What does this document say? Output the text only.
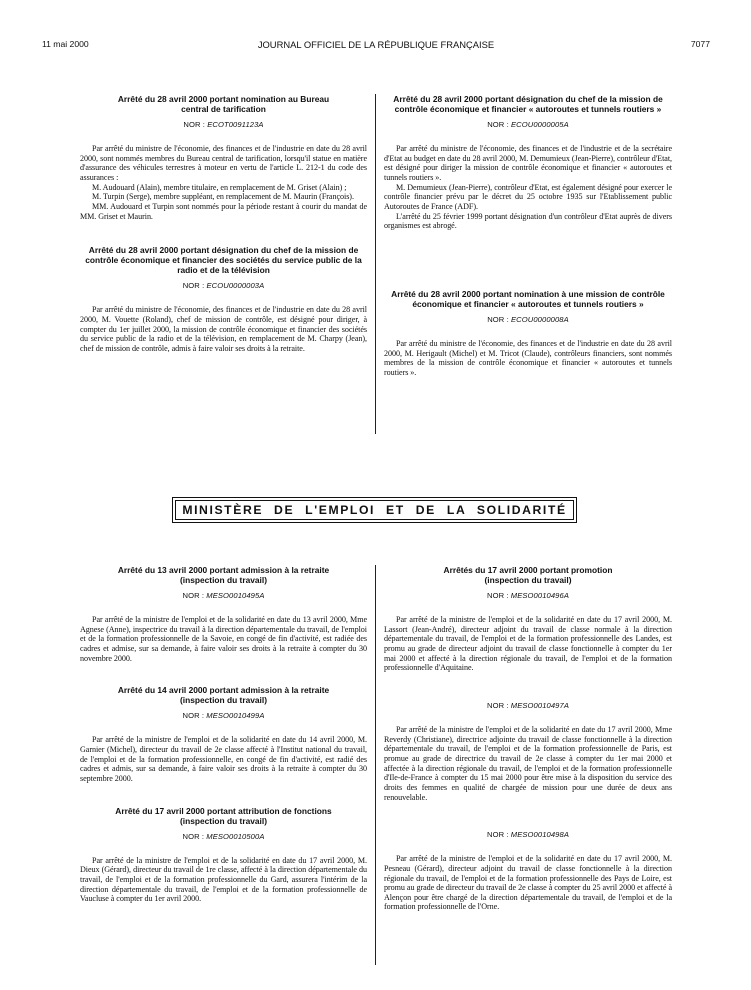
11 mai 2000	JOURNAL OFFICIEL DE LA RÉPUBLIQUE FRANÇAISE	7077

Arrêté du 28 avril 2000 portant nomination au Bureau central de tarification

NOR : ECOT0091123A

Par arrêté du ministre de l'économie, des finances et de l'industrie en date du 28 avril 2000, sont nommés membres du Bureau central de tarification, lorsqu'il statue en matière d'assurance des véhicules terrestres à moteur en vertu de l'article L. 212-1 du code des assurances :

M. Audouard (Alain), membre titulaire, en remplacement de M. Griset (Alain) ;

M. Turpin (Serge), membre suppléant, en remplacement de M. Maurin (François).

MM. Audouard et Turpin sont nommés pour la période restant à courir du mandat de MM. Griset et Maurin.

Arrêté du 28 avril 2000 portant désignation du chef de la mission de contrôle économique et financier des sociétés du service public de la radio et de la télévision

NOR : ECOU0000003A

Par arrêté du ministre de l'économie, des finances et de l'industrie en date du 28 avril 2000, M. Vouette (Roland), chef de mission de contrôle, est désigné pour diriger, à compter du 1er juillet 2000, la mission de contrôle économique et financier des sociétés du service public de la radio et de la télévision, en remplacement de M. Charpy (Jean), chef de mission de contrôle, admis à faire valoir ses droits à la retraite.

Arrêté du 28 avril 2000 portant désignation du chef de la mission de contrôle économique et financier « autoroutes et tunnels routiers »

NOR : ECOU0000005A

Par arrêté du ministre de l'économie, des finances et de l'industrie et de la secrétaire d'Etat au budget en date du 28 avril 2000, M. Demumieux (Jean-Pierre), contrôleur d'Etat, est désigné pour diriger la mission de contrôle économique et financier « autoroutes et tunnels routiers ».

M. Demumieux (Jean-Pierre), contrôleur d'Etat, est également désigné pour exercer le contrôle financier prévu par le décret du 25 octobre 1935 sur l'Etablissement public Autoroutes de France (ADF).

L'arrêté du 25 février 1999 portant désignation d'un contrôleur d'Etat auprès de divers organismes est abrogé.

Arrêté du 28 avril 2000 portant nomination à une mission de contrôle économique et financier « autoroutes et tunnels routiers »

NOR : ECOU0000008A

Par arrêté du ministre de l'économie, des finances et de l'industrie en date du 28 avril 2000, M. Herigault (Michel) et M. Tricot (Claude), contrôleurs financiers, sont nommés membres de la mission de contrôle économique et financier « autoroutes et tunnels routiers ».

MINISTÈRE DE L'EMPLOI ET DE LA SOLIDARITÉ

Arrêté du 13 avril 2000 portant admission à la retraite (inspection du travail)

NOR : MESO0010495A

Par arrêté de la ministre de l'emploi et de la solidarité en date du 13 avril 2000, Mme Agnese (Anne), inspectrice du travail à la direction départementale du travail, de l'emploi et de la formation professionnelle de la Savoie, en congé de fin d'activité, est radiée des cadres et admise, sur sa demande, à faire valoir ses droits à la retraite à compter du 30 novembre 2000.

Arrêté du 14 avril 2000 portant admission à la retraite (inspection du travail)

NOR : MESO0010499A

Par arrêté de la ministre de l'emploi et de la solidarité en date du 14 avril 2000, M. Garnier (Michel), directeur du travail de 2e classe affecté à l'Institut national du travail, de l'emploi et de la formation professionnelle, en congé de fin d'activité, est radié des cadres et admis, sur sa demande, à faire valoir ses droits à la retraite à compter du 30 septembre 2000.

Arrêté du 17 avril 2000 portant attribution de fonctions (inspection du travail)

NOR : MESO0010500A

Par arrêté de la ministre de l'emploi et de la solidarité en date du 17 avril 2000, M. Dieux (Gérard), directeur du travail de 1re classe, affecté à la direction départementale du travail, de l'emploi et de la formation professionnelle du Gard, assurera l'intérim de la direction départementale du travail, de l'emploi et de la formation professionnelle de Vaucluse à compter du 1er avril 2000.

Arrêtés du 17 avril 2000 portant promotion (inspection du travail)

NOR : MESO0010496A

Par arrêté de la ministre de l'emploi et de la solidarité en date du 17 avril 2000, M. Lassort (Jean-André), directeur adjoint du travail de classe normale à la direction départementale du travail, de l'emploi et de la formation professionnelle des Landes, est promu au grade de directeur adjoint du travail de classe fonctionnelle à compter du 1er mai 2000 et affecté à la direction régionale du travail, de l'emploi et de la formation professionnelle d'Aquitaine.

NOR : MESO0010497A

Par arrêté de la ministre de l'emploi et de la solidarité en date du 17 avril 2000, Mme Reverdy (Christiane), directrice adjointe du travail de classe fonctionnelle à la direction départementale du travail, de l'emploi et de la formation professionnelle de Paris, est promue au grade de directrice du travail de 2e classe à compter du 1er mai 2000 et affectée à la direction régionale du travail, de l'emploi et de la formation professionnelle d'Ile-de-France à compter du 15 mai 2000 pour être mise à la disposition du service des droits des femmes en qualité de chargée de mission pour une durée de deux ans renouvelable.

NOR : MESO0010498A

Par arrêté de la ministre de l'emploi et de la solidarité en date du 17 avril 2000, M. Pesneau (Gérard), directeur adjoint du travail de classe fonctionnelle à la direction régionale du travail, de l'emploi et de la formation professionnelle des Pays de Loire, est promu au grade de directeur du travail de 2e classe à compter du 25 avril 2000 et affecté à Alençon pour être chargé de la direction départementale du travail, de l'emploi et de la formation professionnelle de l'Orne.
